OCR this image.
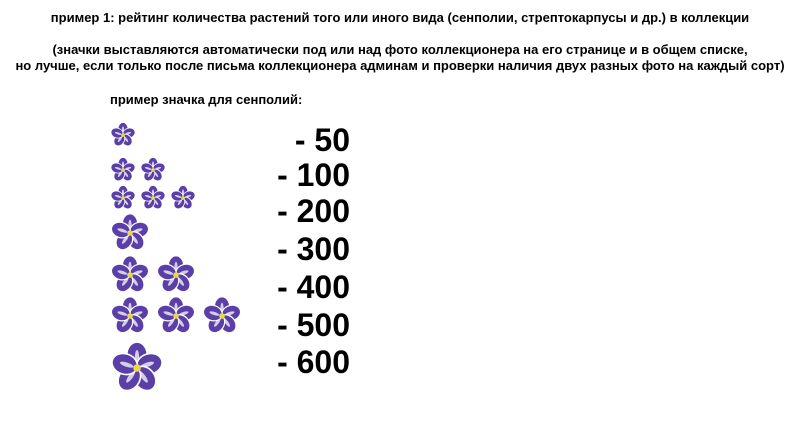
пример 1: рейтинг количества растений того или иного вида (сенполии, стрептокарпусы и др.) в коллекции
(значки выставляются автоматически под или над фото коллекционера на его странице и в общем списке,
но лучше, если только после письма коллекционера админам и проверки наличия двух разных фото на каждый сорт)
пример значка для сенполий:
- 50
- 100
- 200
- 300
- 400
- 500
- 600
